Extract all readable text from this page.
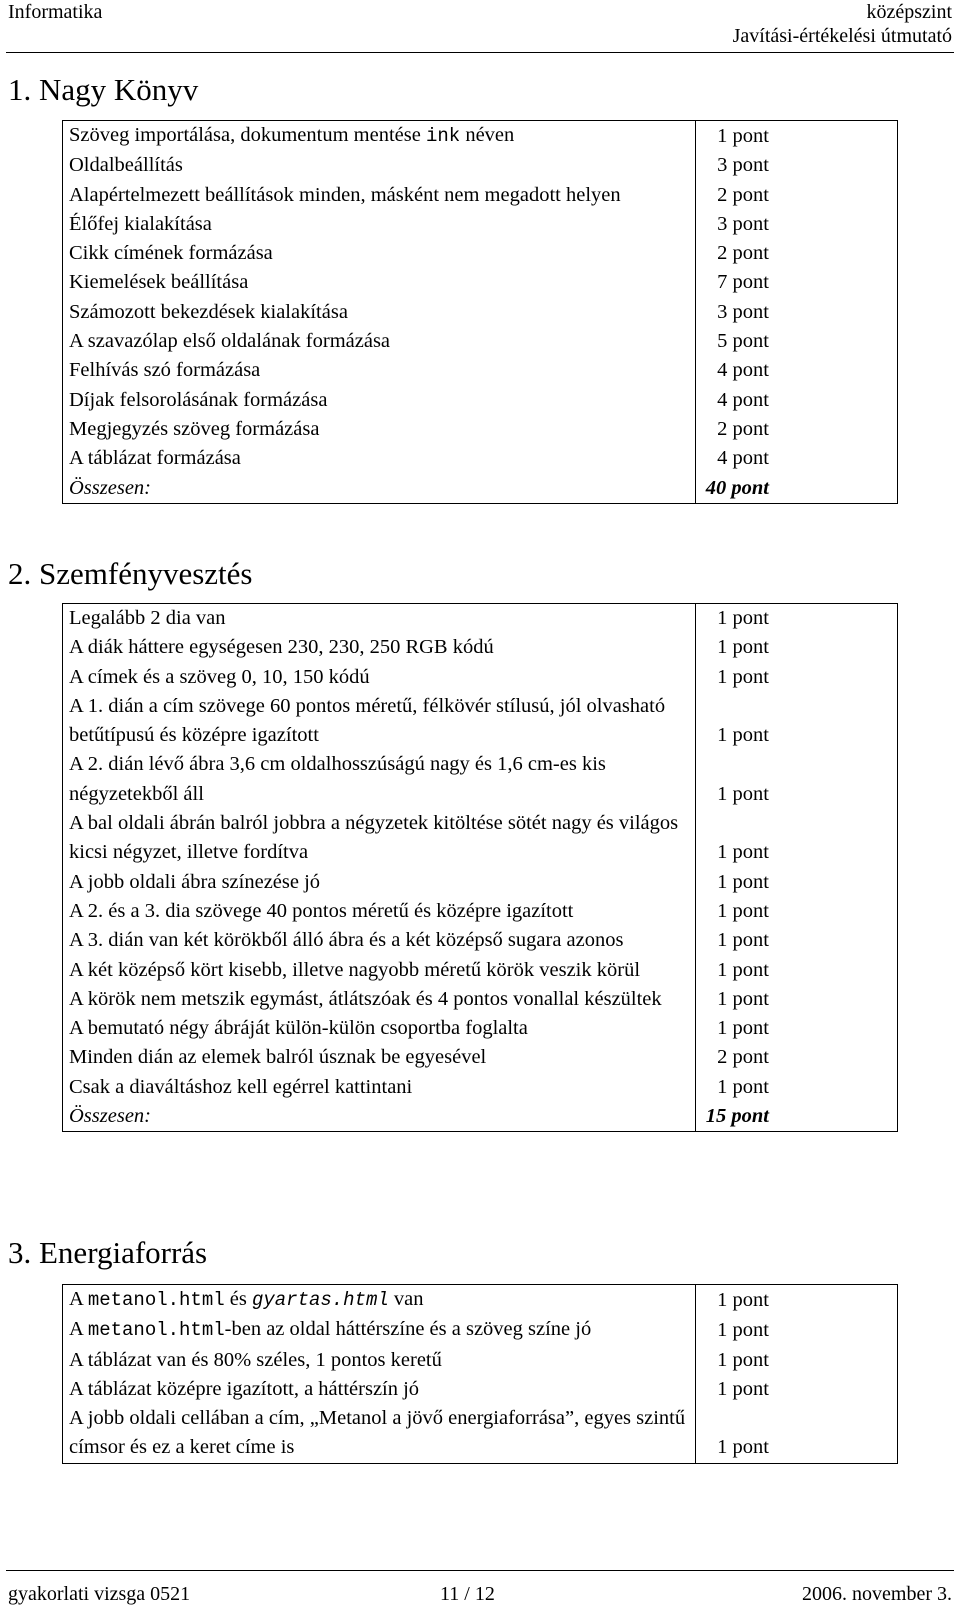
Informatika	középszint
Javítási-értékelési útmutató
1. Nagy Könyv
Szöveg importálása, dokumentum mentése ink néven	1 pont
Oldalbeállítás	3 pont
Alapértelmezett beállítások minden, másként nem megadott helyen	2 pont
Élőfej kialakítása	3 pont
Cikk címének formázása	2 pont
Kiemelések beállítása	7 pont
Számozott bekezdések kialakítása	3 pont
A szavazólap első oldalának formázása	5 pont
Felhívás szó formázása	4 pont
Díjak felsorolásának formázása	4 pont
Megjegyzés szöveg formázása	2 pont
A táblázat formázása	4 pont
Összesen:	40 pont
2. Szemfényvesztés
Legalább 2 dia van	1 pont
A diák háttere egységesen 230, 230, 250 RGB kódú	1 pont
A címek és a szöveg 0, 10, 150 kódú	1 pont
A 1. dián a cím szövege 60 pontos méretű, félkövér stílusú, jól olvasható betűtípusú és középre igazított	1 pont
A 2. dián lévő ábra 3,6 cm oldalhosszúságú nagy és 1,6 cm-es kis négyzetekből áll	1 pont
A bal oldali ábrán balról jobbra a négyzetek kitöltése sötét nagy és világos kicsi négyzet, illetve fordítva	1 pont
A jobb oldali ábra színezése jó	1 pont
A 2. és a 3. dia szövege 40 pontos méretű és középre igazított	1 pont
A 3. dián van két körökből álló ábra és a két középső sugara azonos	1 pont
A két középső kört kisebb, illetve nagyobb méretű körök veszik körül	1 pont
A körök nem metszik egymást, átlátszóak és 4 pontos vonallal készültek	1 pont
A bemutató négy ábráját külön-külön csoportba foglalta	1 pont
Minden dián az elemek balról úsznak be egyesével	2 pont
Csak a diaváltáshoz kell egérrel kattintani	1 pont
Összesen:	15 pont
3. Energiaforrás
A metanol.html és gyartas.html van	1 pont
A metanol.html-ben az oldal háttérszíne és a szöveg színe jó	1 pont
A táblázat van és 80% széles, 1 pontos keretű	1 pont
A táblázat középre igazított, a háttérszín jó	1 pont
A jobb oldali cellában a cím, „Metanol a jövő energiaforrása”, egyes szintű címsor és ez a keret címe is	1 pont
gyakorlati vizsga 0521	11 / 12	2006. november 3.
